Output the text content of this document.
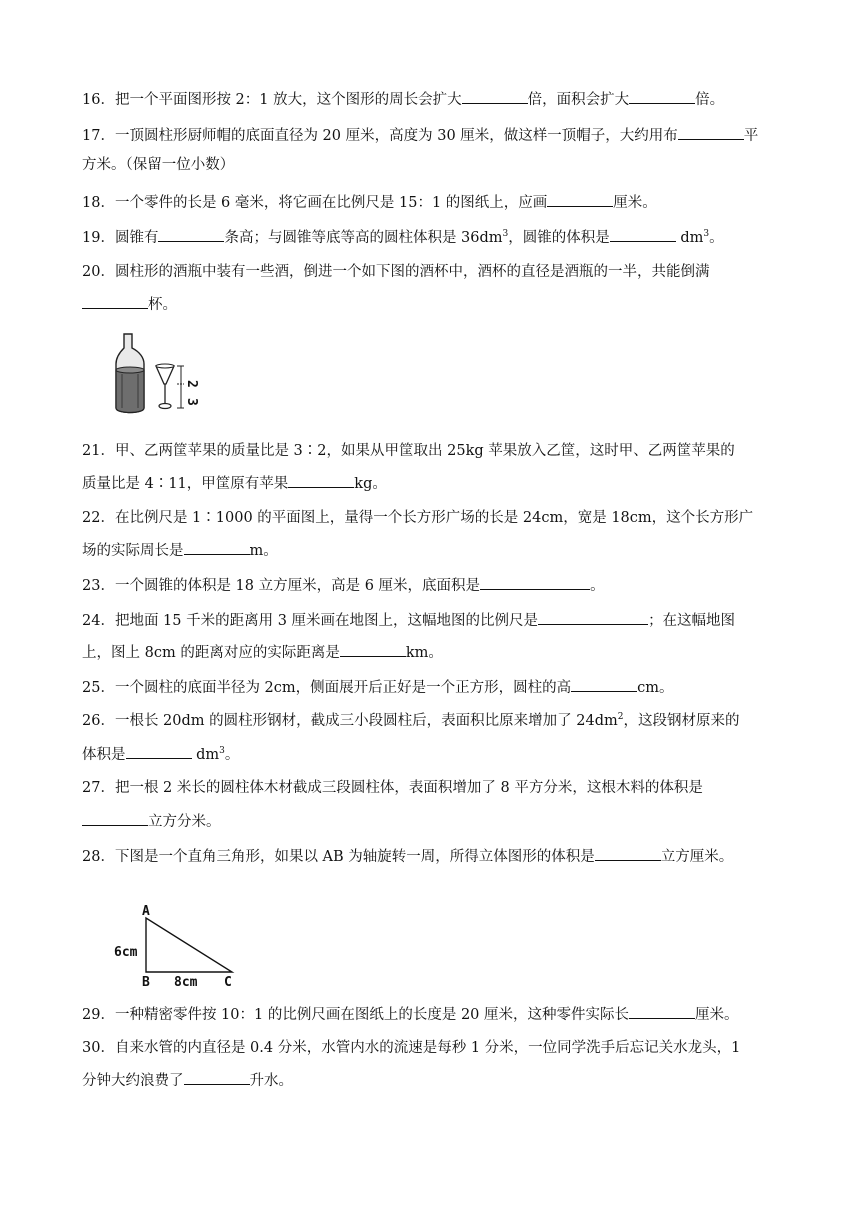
16．把一个平面图形按 2：1 放大，这个图形的周长会扩大	倍，面积会扩大	倍。
17．一顶圆柱形厨师帽的底面直径为 20 厘米，高度为 30 厘米，做这样一顶帽子，大约用布	平
方米。（保留一位小数）
18．一个零件的长是 6 毫米，将它画在比例尺是 15：1 的图纸上，应画	厘米。
19．圆锥有	条高；与圆锥等底等高的圆柱体积是 $36dm^3$，圆锥的体积是	$dm^3$。
20．圆柱形的酒瓶中装有一些酒，倒进一个如下图的酒杯中，酒杯的直径是酒瓶的一半，共能倒满
杯。
2
3
21．甲、乙两筐苹果的质量比是 3∶2，如果从甲筐取出 25kg 苹果放入乙筐，这时甲、乙两筐苹果的
质量比是 4∶11，甲筐原有苹果	kg。
22．在比例尺是 1∶1000 的平面图上，量得一个长方形广场的长是 24cm，宽是 18cm，这个长方形广
场的实际周长是	m。
23．一个圆锥的体积是 18 立方厘米，高是 6 厘米，底面积是	。
24．把地面 15 千米的距离用 3 厘米画在地图上，这幅地图的比例尺是	；在这幅地图
上，图上 8cm 的距离对应的实际距离是	km。
25．一个圆柱的底面半径为 2cm，侧面展开后正好是一个正方形，圆柱的高	cm。
26．一根长 20dm 的圆柱形钢材，截成三小段圆柱后，表面积比原来增加了 $24dm^2$，这段钢材原来的
体积是	$dm^3$。
27．把一根 2 米长的圆柱体木材截成三段圆柱体，表面积增加了 8 平方分米，这根木料的体积是
立方分米。
28．下图是一个直角三角形，如果以 AB 为轴旋转一周，所得立体图形的体积是	立方厘米。
A
B	C
6cm
8cm
29．一种精密零件按 10：1 的比例尺画在图纸上的长度是 20 厘米，这种零件实际长	厘米。
30．自来水管的内直径是 0.4 分米，水管内水的流速是每秒 1 分米，一位同学洗手后忘记关水龙头，1
分钟大约浪费了	升水。
